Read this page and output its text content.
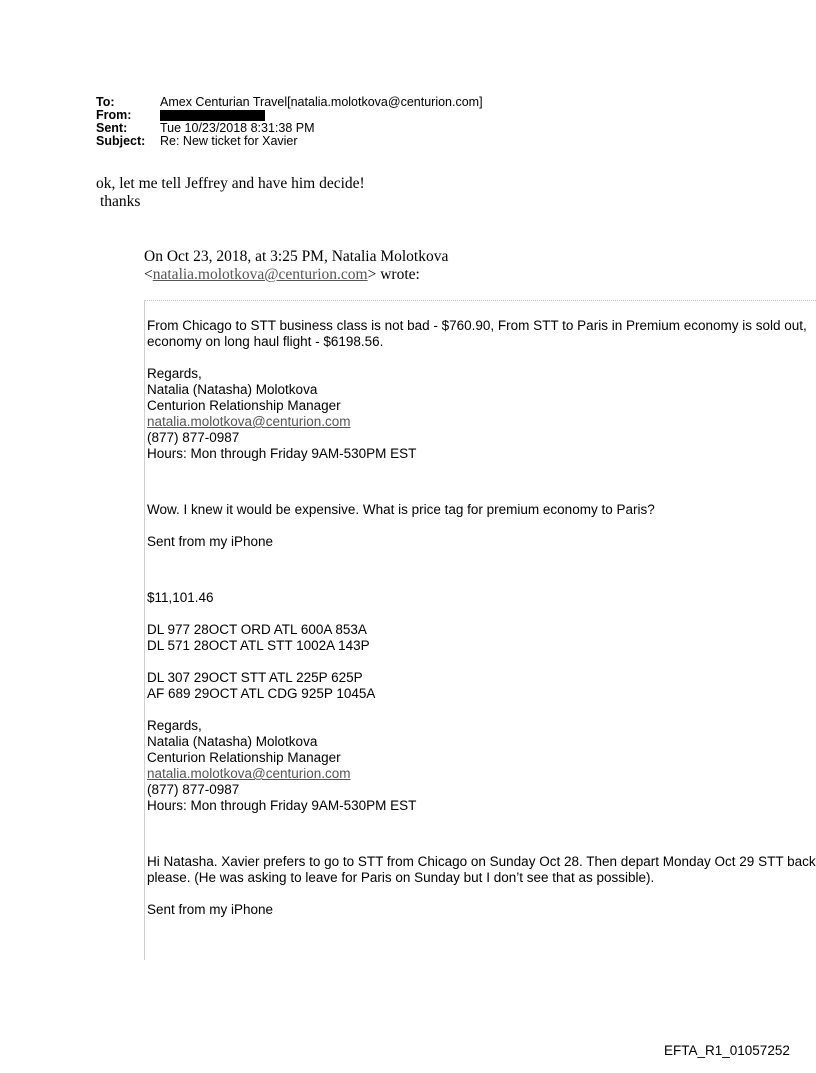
To:	Amex Centurian Travel[natalia.molotkova@centurion.com]
From:
Sent:	Tue 10/23/2018 8:31:38 PM
Subject:	Re: New ticket for Xavier
ok, let me tell Jeffrey and have him decide!
thanks
On Oct 23, 2018, at 3:25 PM, Natalia Molotkova
<natalia.molotkova@centurion.com> wrote:

From Chicago to STT business class is not bad - $760.90, From STT to Paris in Premium economy is sold out,

economy on long haul flight - $6198.56.

Regards,

Natalia (Natasha) Molotkova

Centurion Relationship Manager

natalia.molotkova@centurion.com

(877) 877-0987

Hours: Mon through Friday 9AM-530PM EST

Wow. I knew it would be expensive. What is price tag for premium economy to Paris?

Sent from my iPhone

$11,101.46

DL 977 28OCT ORD ATL 600A 853A

DL 571 28OCT ATL STT 1002A 143P

DL 307 29OCT STT ATL 225P 625P

AF 689 29OCT ATL CDG 925P 1045A

Regards,

Natalia (Natasha) Molotkova

Centurion Relationship Manager

natalia.molotkova@centurion.com

(877) 877-0987

Hours: Mon through Friday 9AM-530PM EST

Hi Natasha. Xavier prefers to go to STT from Chicago on Sunday Oct 28. Then depart Monday Oct 29 STT back

please. (He was asking to leave for Paris on Sunday but I don’t see that as possible).

Sent from my iPhone

EFTA_R1_01057252
